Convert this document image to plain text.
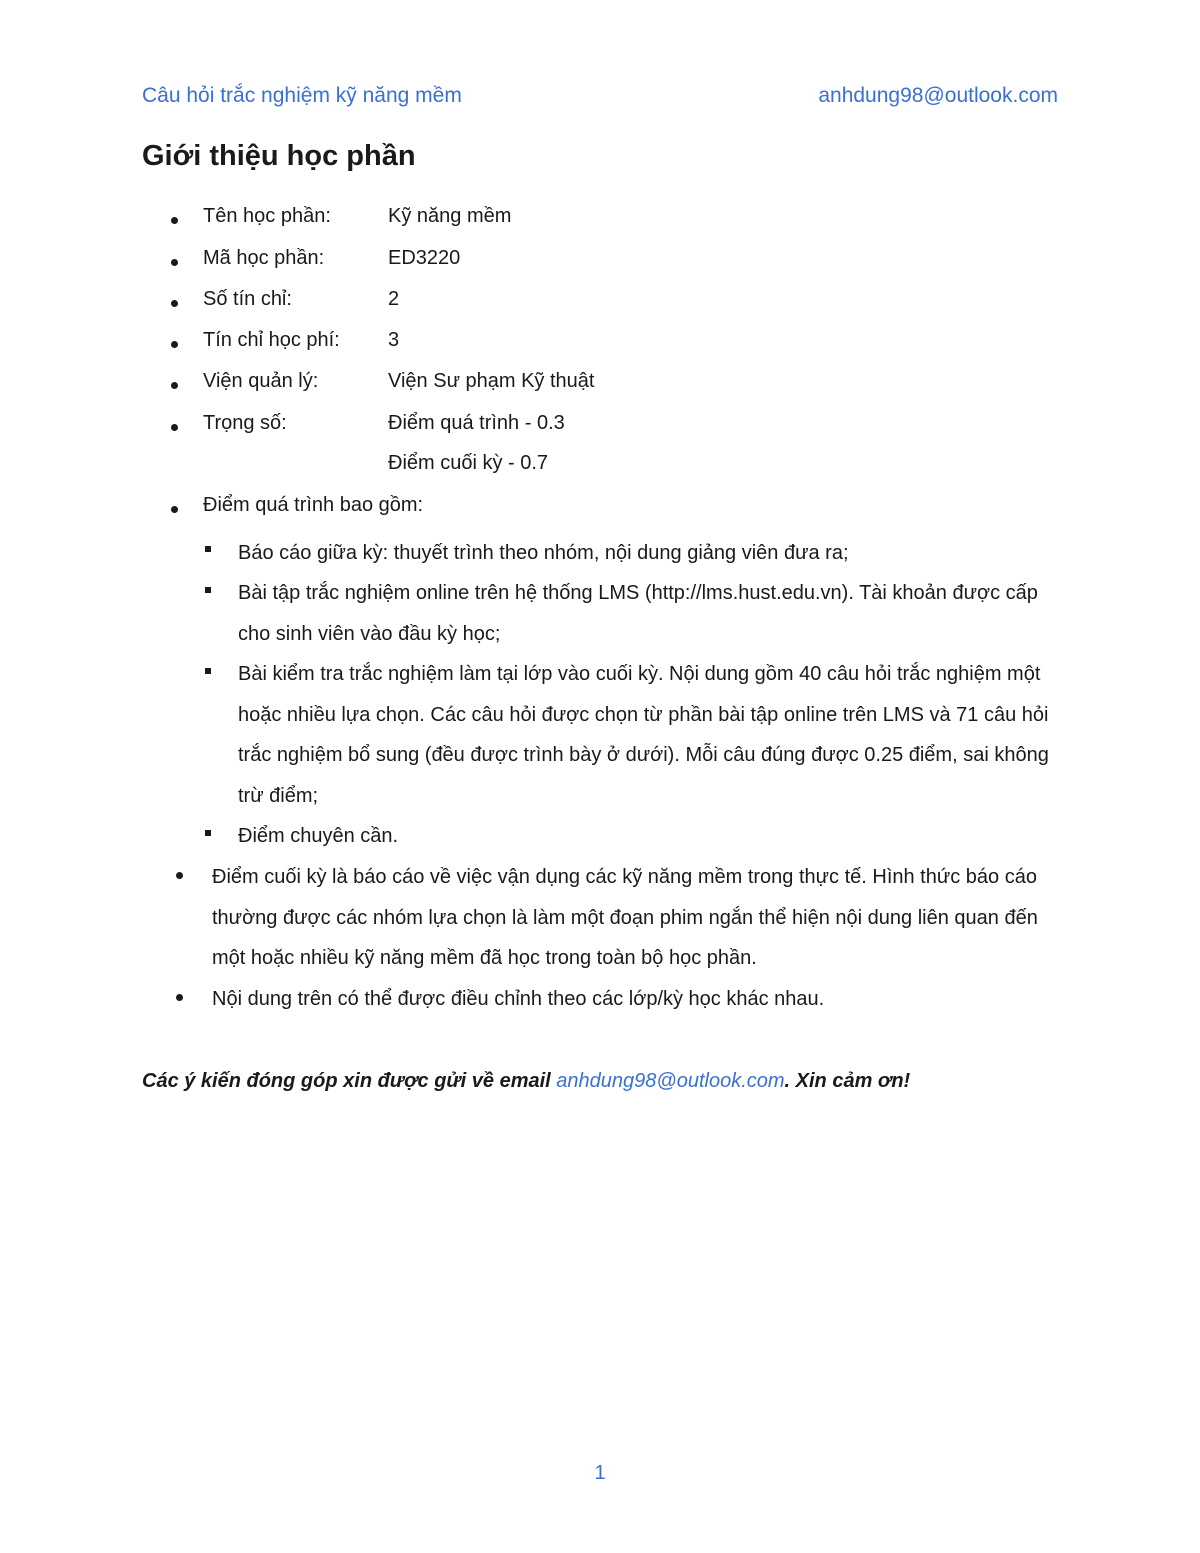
Câu hỏi trắc nghiệm kỹ năng mềm	anhdung98@outlook.com
Giới thiệu học phần
Tên học phần:	Kỹ năng mềm
Mã học phần:	ED3220
Số tín chỉ:	2
Tín chỉ học phí: 3
Viện quản lý:	Viện Sư phạm Kỹ thuật
Trọng số:	Điểm quá trình - 0.3
Điểm cuối kỳ - 0.7
Điểm quá trình bao gồm:
Báo cáo giữa kỳ: thuyết trình theo nhóm, nội dung giảng viên đưa ra;
Bài tập trắc nghiệm online trên hệ thống LMS (http://lms.hust.edu.vn). Tài khoản được cấp cho sinh viên vào đầu kỳ học;
Bài kiểm tra trắc nghiệm làm tại lớp vào cuối kỳ. Nội dung gồm 40 câu hỏi trắc nghiệm một hoặc nhiều lựa chọn. Các câu hỏi được chọn từ phần bài tập online trên LMS và 71 câu hỏi trắc nghiệm bổ sung (đều được trình bày ở dưới). Mỗi câu đúng được 0.25 điểm, sai không trừ điểm;
Điểm chuyên cần.
Điểm cuối kỳ là báo cáo về việc vận dụng các kỹ năng mềm trong thực tế. Hình thức báo cáo thường được các nhóm lựa chọn là làm một đoạn phim ngắn thể hiện nội dung liên quan đến một hoặc nhiều kỹ năng mềm đã học trong toàn bộ học phần.
Nội dung trên có thể được điều chỉnh theo các lớp/kỳ học khác nhau.
Các ý kiến đóng góp xin được gửi về email anhdung98@outlook.com. Xin cảm ơn!
1
